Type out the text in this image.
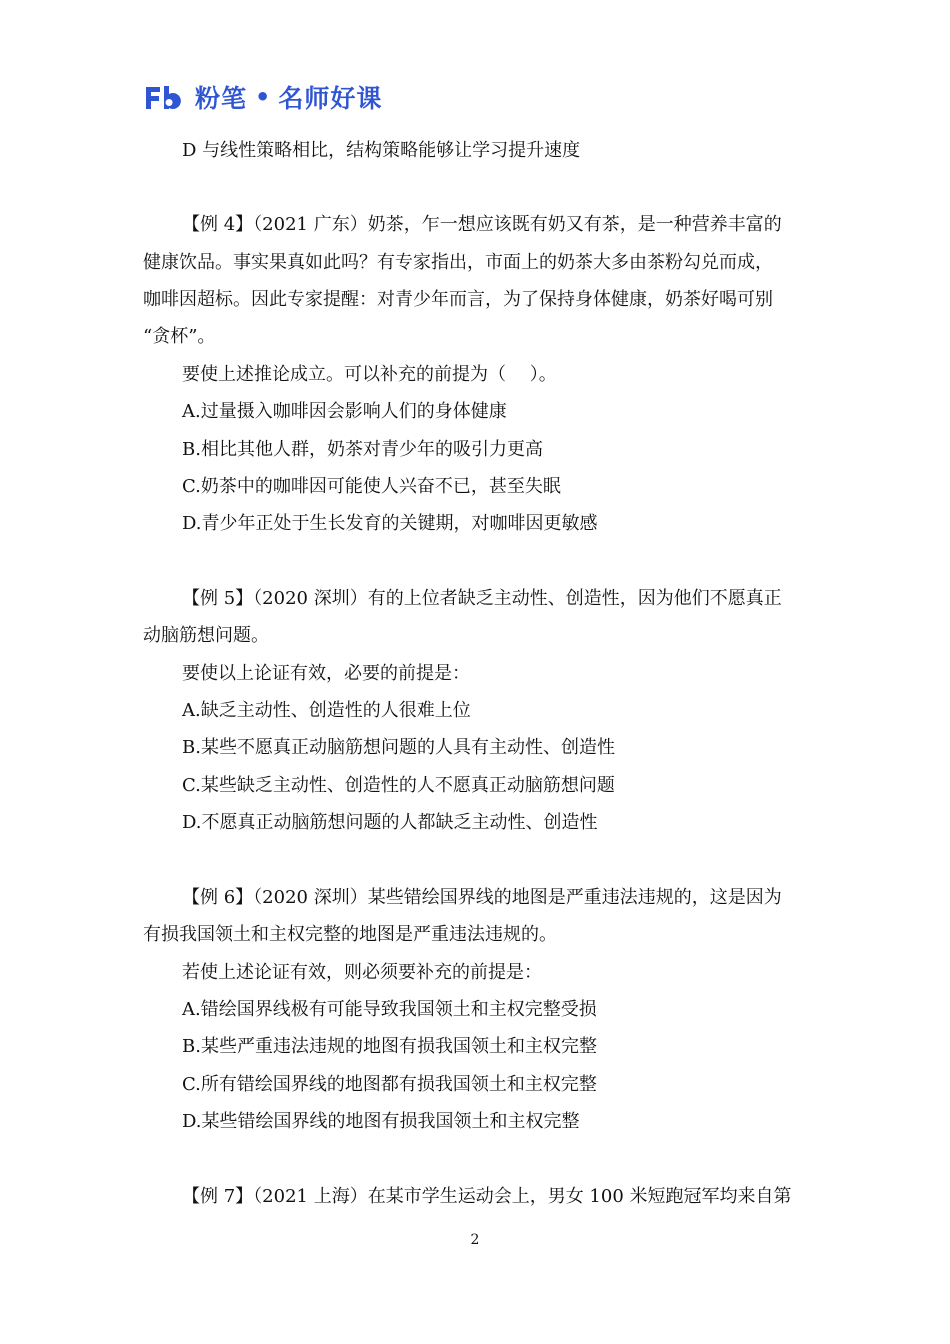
粉笔 • 名师好课
D 与线性策略相比，结构策略能够让学习提升速度
【例 4】（2021 广东）奶茶，乍一想应该既有奶又有茶，是一种营养丰富的
健康饮品。事实果真如此吗？有专家指出，市面上的奶茶大多由茶粉勾兑而成，
咖啡因超标。因此专家提醒：对青少年而言，为了保持身体健康，奶茶好喝可别
“贪杯”。
要使上述推论成立。可以补充的前提为（　 ）。
A.过量摄入咖啡因会影响人们的身体健康
B.相比其他人群，奶茶对青少年的吸引力更高
C.奶茶中的咖啡因可能使人兴奋不已，甚至失眠
D.青少年正处于生长发育的关键期，对咖啡因更敏感
【例 5】（2020 深圳）有的上位者缺乏主动性、创造性，因为他们不愿真正
动脑筋想问题。
要使以上论证有效，必要的前提是：
A.缺乏主动性、创造性的人很难上位
B.某些不愿真正动脑筋想问题的人具有主动性、创造性
C.某些缺乏主动性、创造性的人不愿真正动脑筋想问题
D.不愿真正动脑筋想问题的人都缺乏主动性、创造性
【例 6】（2020 深圳）某些错绘国界线的地图是严重违法违规的，这是因为
有损我国领土和主权完整的地图是严重违法违规的。
若使上述论证有效，则必须要补充的前提是：
A.错绘国界线极有可能导致我国领土和主权完整受损
B.某些严重违法违规的地图有损我国领土和主权完整
C.所有错绘国界线的地图都有损我国领土和主权完整
D.某些错绘国界线的地图有损我国领土和主权完整
【例 7】（2021 上海）在某市学生运动会上，男女 100 米短跑冠军均来自第
2
